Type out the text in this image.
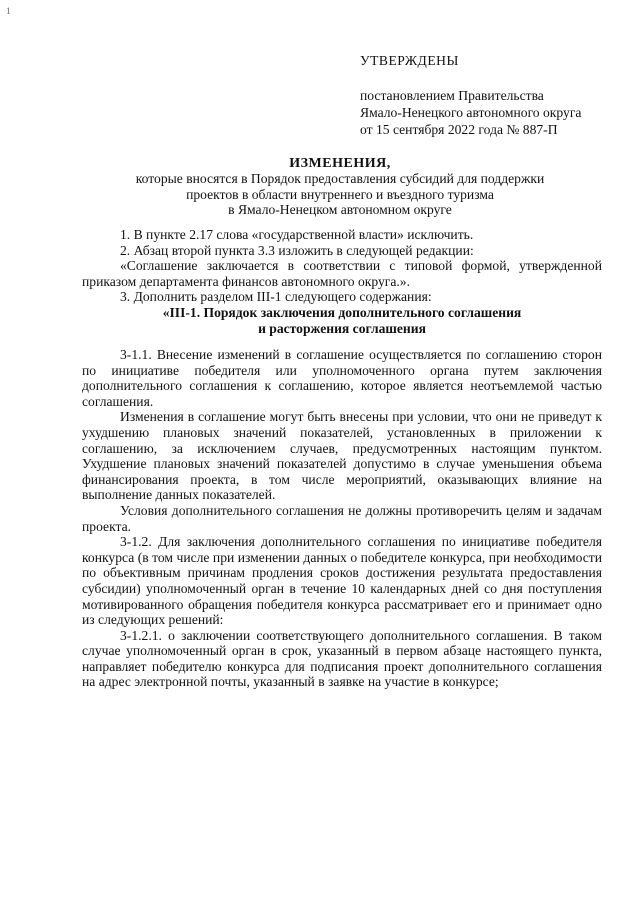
1
УТВЕРЖДЕНЫ
постановлением Правительства
Ямало-Ненецкого автономного округа
от 15 сентября 2022 года № 887-П
ИЗМЕНЕНИЯ,
которые вносятся в Порядок предоставления субсидий для поддержки
проектов в области внутреннего и въездного туризма
в Ямало-Ненецком автономном округе

1. В пункте 2.17 слова «государственной власти» исключить.

2. Абзац второй пункта 3.3 изложить в следующей редакции:

«Соглашение заключается в соответствии с типовой формой, утвержденной приказом департамента финансов автономного округа.».

3. Дополнить разделом III-1 следующего содержания:

«III-1. Порядок заключения дополнительного соглашения

и расторжения соглашения

3-1.1. Внесение изменений в соглашение осуществляется по соглашению сторон по инициативе победителя или уполномоченного органа путем заключения дополнительного соглашения к соглашению, которое является неотъемлемой частью соглашения.

Изменения в соглашение могут быть внесены при условии, что они не приведут к ухудшению плановых значений показателей, установленных в приложении к соглашению, за исключением случаев, предусмотренных настоящим пунктом. Ухудшение плановых значений показателей допустимо в случае уменьшения объема финансирования проекта, в том числе мероприятий, оказывающих влияние на выполнение данных показателей.

Условия дополнительного соглашения не должны противоречить целям и задачам проекта.

3-1.2. Для заключения дополнительного соглашения по инициативе победителя конкурса (в том числе при изменении данных о победителе конкурса, при необходимости по объективным причинам продления сроков достижения результата предоставления субсидии) уполномоченный орган в течение 10 календарных дней со дня поступления мотивированного обращения победителя конкурса рассматривает его и принимает одно из следующих решений:

3-1.2.1. о заключении соответствующего дополнительного соглашения. В таком случае уполномоченный орган в срок, указанный в первом абзаце настоящего пункта, направляет победителю конкурса для подписания проект дополнительного соглашения на адрес электронной почты, указанный в заявке на участие в конкурсе;
